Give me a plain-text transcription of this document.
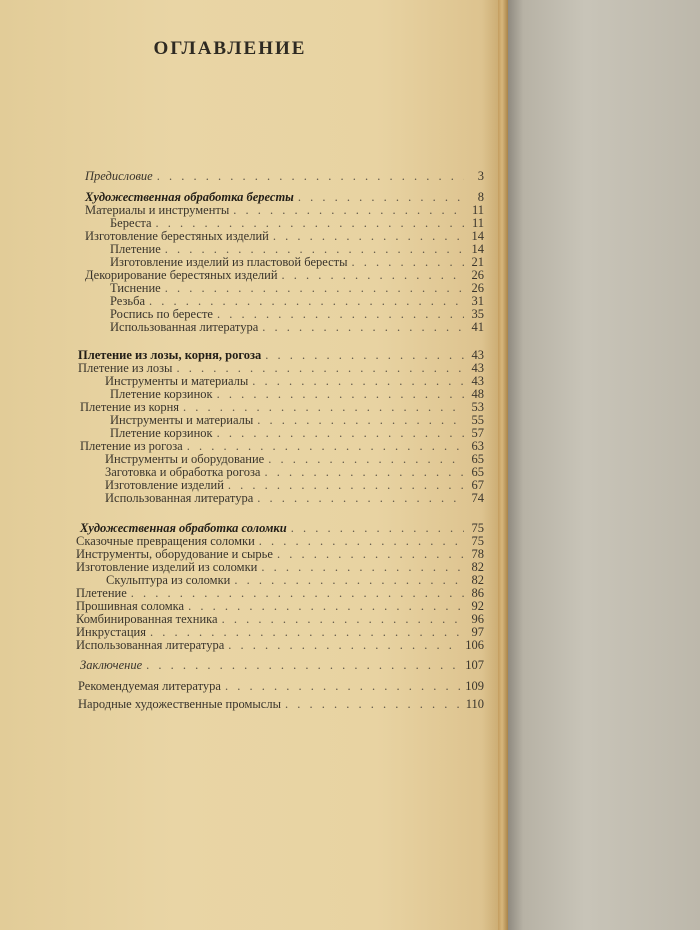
ОГЛАВЛЕНИЕ
Предисловие . . .	3
Художественная обработка бересты . . .	8
Материалы и инструменты . . .	11
Береста . . .	11
Изготовление берестяных изделий . . .	14
Плетение . . .	14
Изготовление изделий из пластовой бересты . . .	21
Декорирование берестяных изделий . . .	26
Тиснение . . .	26
Резьба . . .	31
Роспись по бересте . . .	35
Использованная литература . . .	41
Плетение из лозы, корня, рогоза . . .	43
Плетение из лозы . . .	43
Инструменты и материалы . . .	43
Плетение корзинок . . .	48
Плетение из корня . . .	53
Инструменты и материалы . . .	55
Плетение корзинок . . .	57
Плетение из рогоза . . .	63
Инструменты и оборудование . . .	65
Заготовка и обработка рогоза . . .	65
Изготовление изделий . . .	67
Использованная литература . . .	74
Художественная обработка соломки . . .	75
Сказочные превращения соломки . . .	75
Инструменты, оборудование и сырье . . .	78
Изготовление изделий из соломки . . .	82
Скульптура из соломки . . .	82
Плетение . . .	86
Прошивная соломка . . .	92
Комбинированная техника . . .	96
Инкрустация . . .	97
Использованная литература . . .	106
Заключение . . .	107
Рекомендуемая литература . . .	109
Народные художественные промыслы . . .	110
